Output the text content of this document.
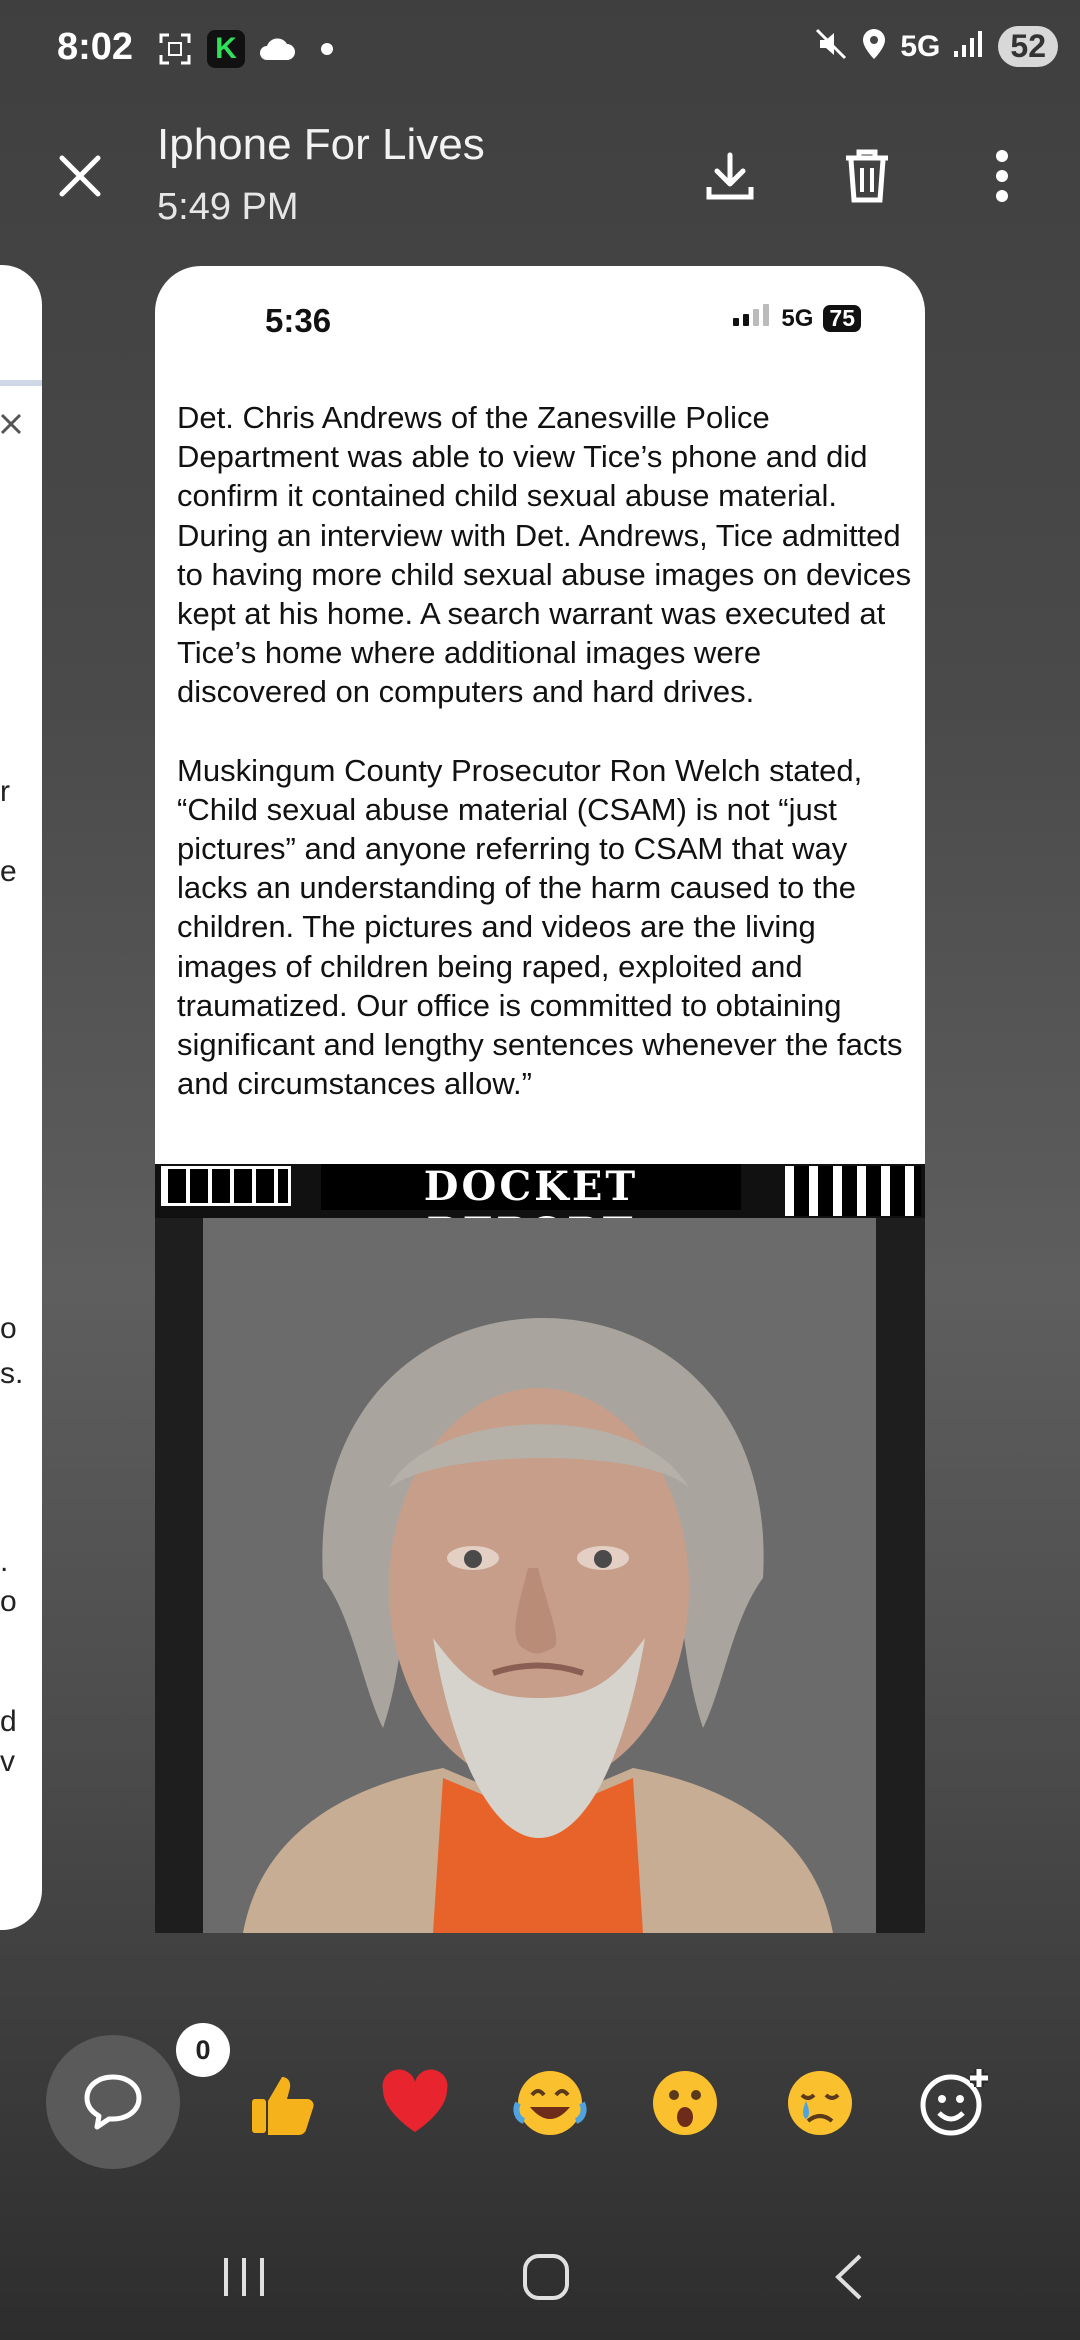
8:02	K	5G	52
Iphone For Lives
5:49 PM
r
e
o
s.
.
o
d
v
5:36	5G 75

Det. Chris Andrews of the Zanesville Police Department was able to view Tice’s phone and did confirm it contained child sexual abuse material. During an interview with Det. Andrews, Tice admitted to having more child sexual abuse images on devices kept at his home. A search warrant was executed at Tice’s home where additional images were discovered on computers and hard drives.

Muskingum County Prosecutor Ron Welch stated, “Child sexual abuse material (CSAM) is not “just pictures” and anyone referring to CSAM that way lacks an understanding of the harm caused to the children. The pictures and videos are the living images of children being raped, exploited and traumatized. Our office is committed to obtaining significant and lengthy sentences whenever the facts and circumstances allow.”

DOCKET
0
